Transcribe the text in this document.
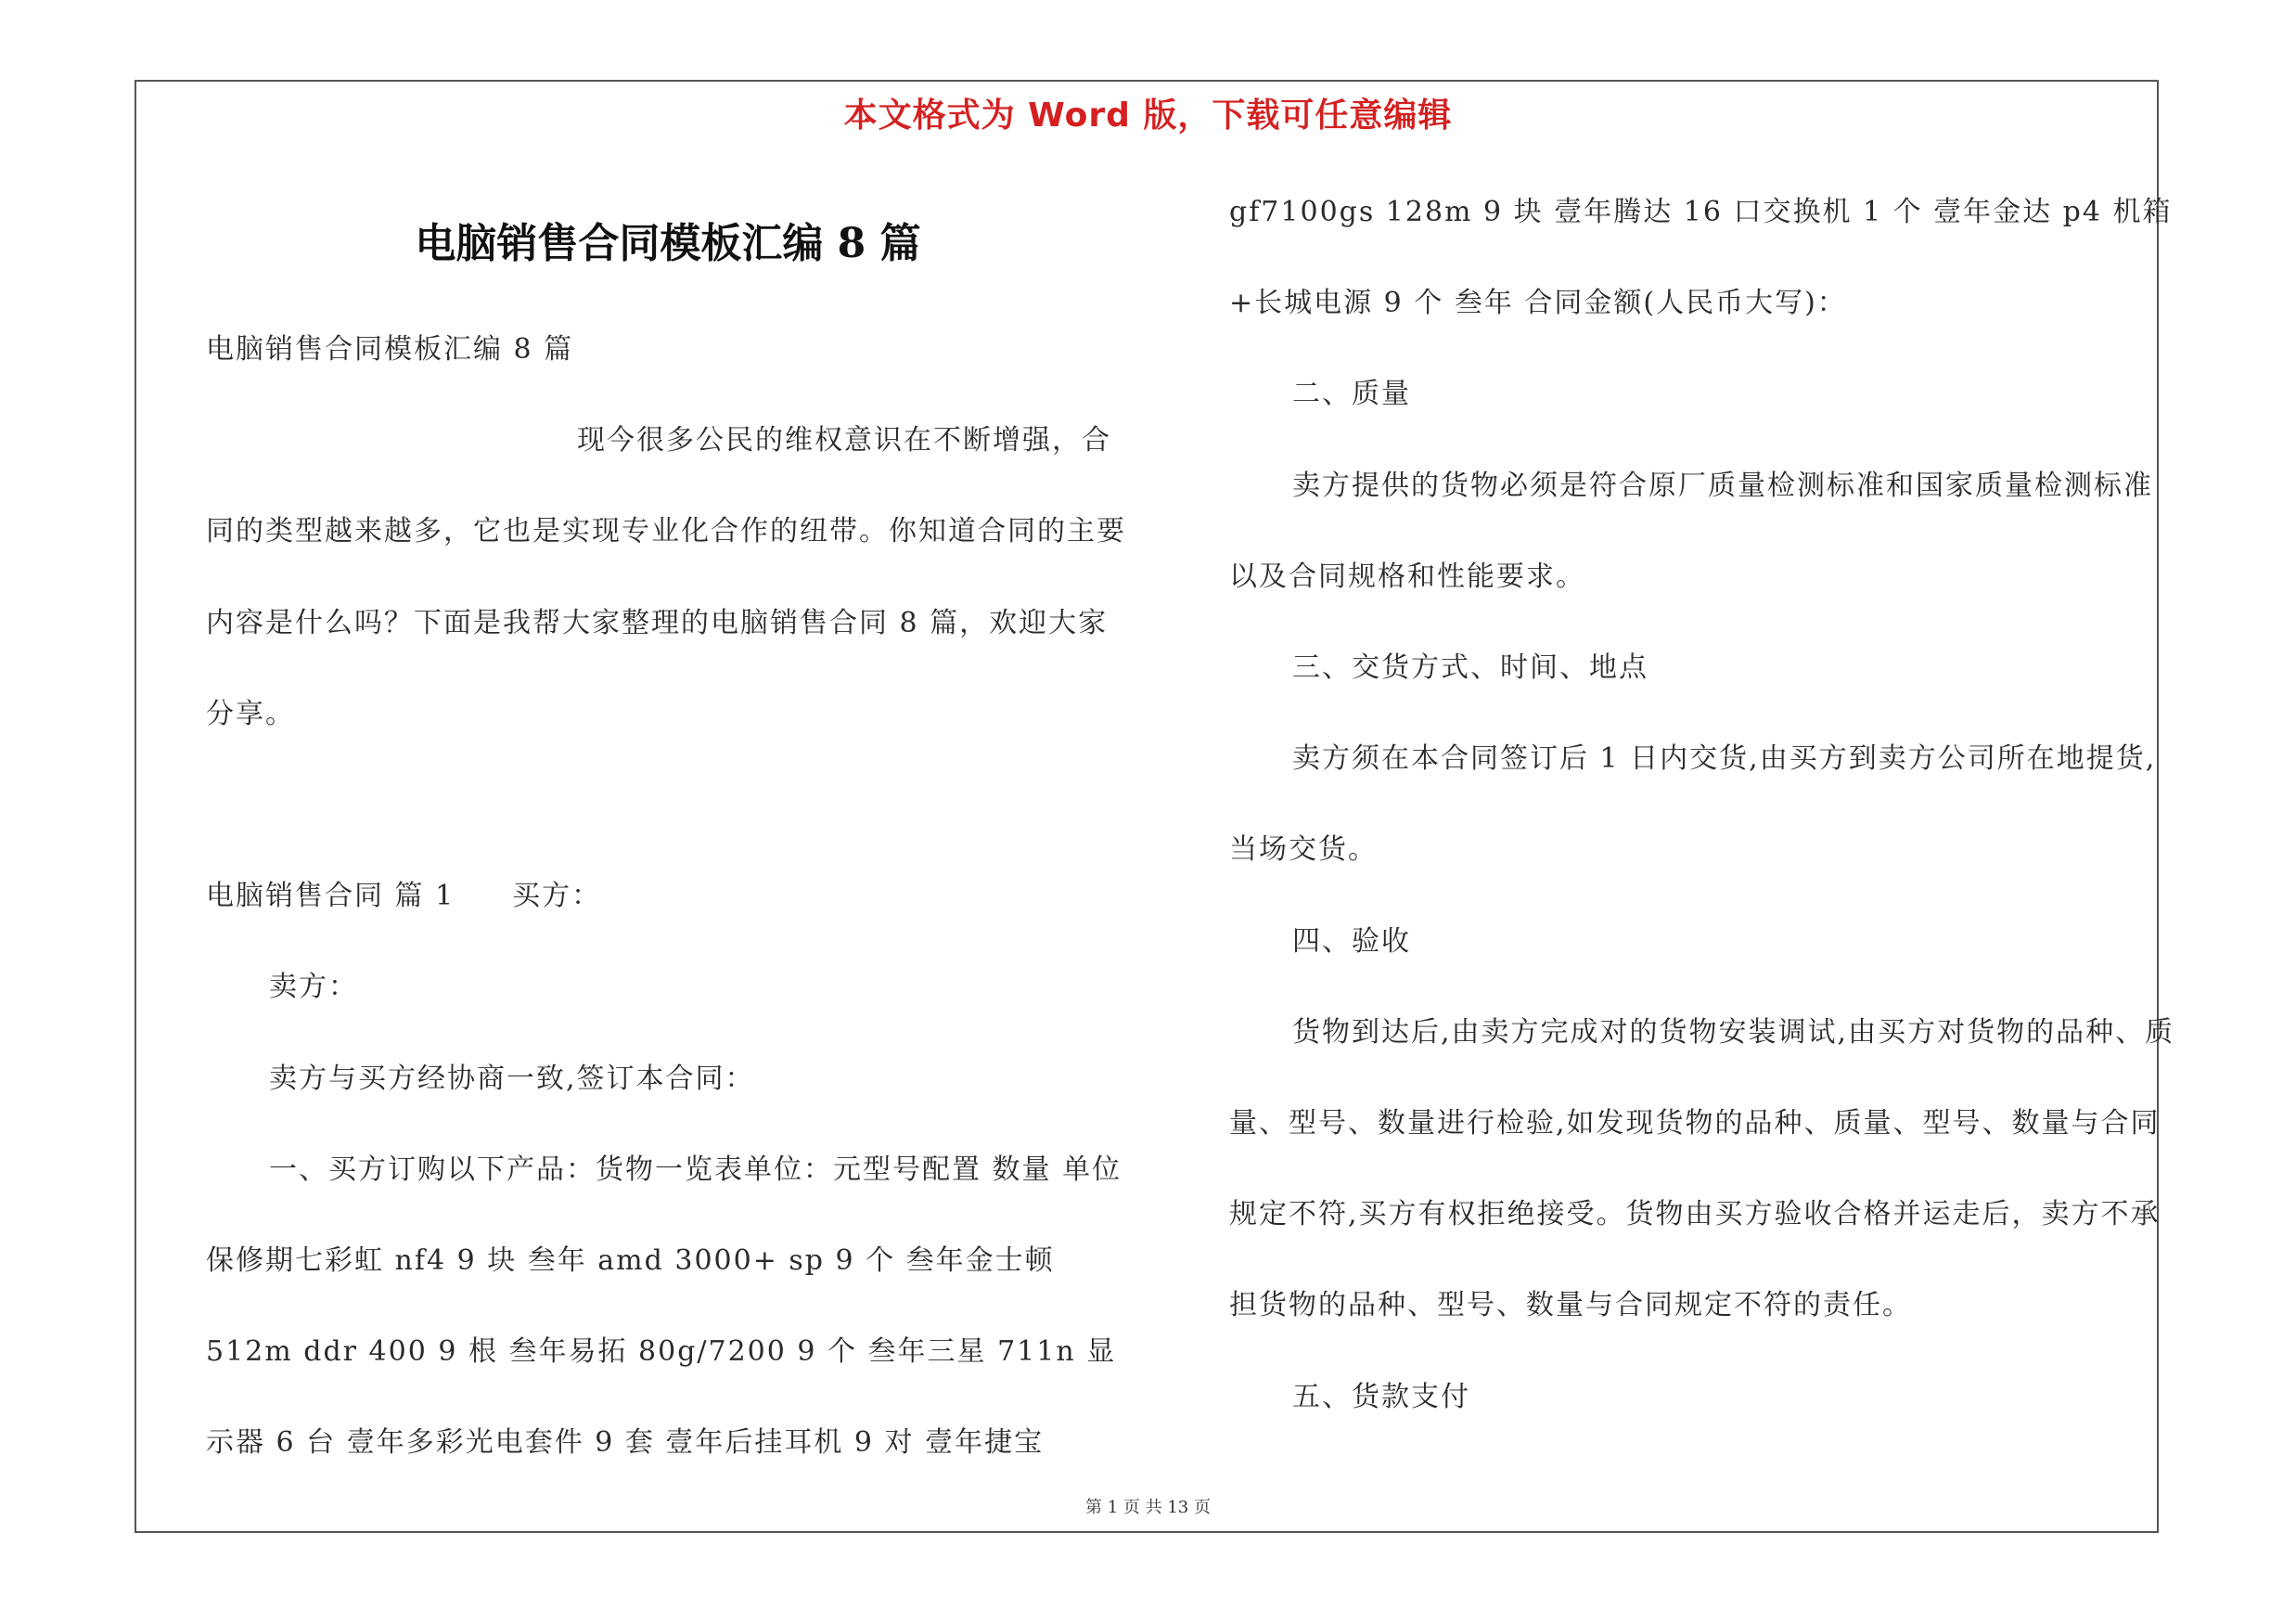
本文格式为 Word 版，下载可任意编辑
电脑销售合同模板汇编 8 篇

电脑销售合同模板汇编 8 篇

现今很多公民的维权意识在不断增强，合同的类型越来越多，它也是实现专业化合作的纽带。你知道合同的主要内容是什么吗？下面是我帮大家整理的电脑销售合同 8 篇，欢迎大家分享。

电脑销售合同 篇 1 买方：

卖方：

卖方与买方经协商一致,签订本合同：

一、买方订购以下产品：货物一览表单位：元型号配置 数量 单位 保修期七彩虹 nf4 9 块 叁年 amd 3000+ sp 9 个 叁年金士顿 512m ddr 400 9 根 叁年易拓 80g/7200 9 个 叁年三星 711n 显示器 6 台 壹年多彩光电套件 9 套 壹年后挂耳机 9 对 壹年捷宝

gf7100gs 128m 9 块 壹年腾达 16 口交换机 1 个 壹年金达 p4 机箱+长城电源 9 个 叁年 合同金额(人民币大写)：

二、质量

卖方提供的货物必须是符合原厂质量检测标准和国家质量检测标准以及合同规格和性能要求。

三、交货方式、时间、地点

卖方须在本合同签订后 1 日内交货,由买方到卖方公司所在地提货,当场交货。

四、验收

货物到达后,由卖方完成对的货物安装调试,由买方对货物的品种、质量、型号、数量进行检验,如发现货物的品种、质量、型号、数量与合同规定不符,买方有权拒绝接受。货物由买方验收合格并运走后，卖方不承担货物的品种、型号、数量与合同规定不符的责任。

五、货款支付

第 1 页 共 13 页
